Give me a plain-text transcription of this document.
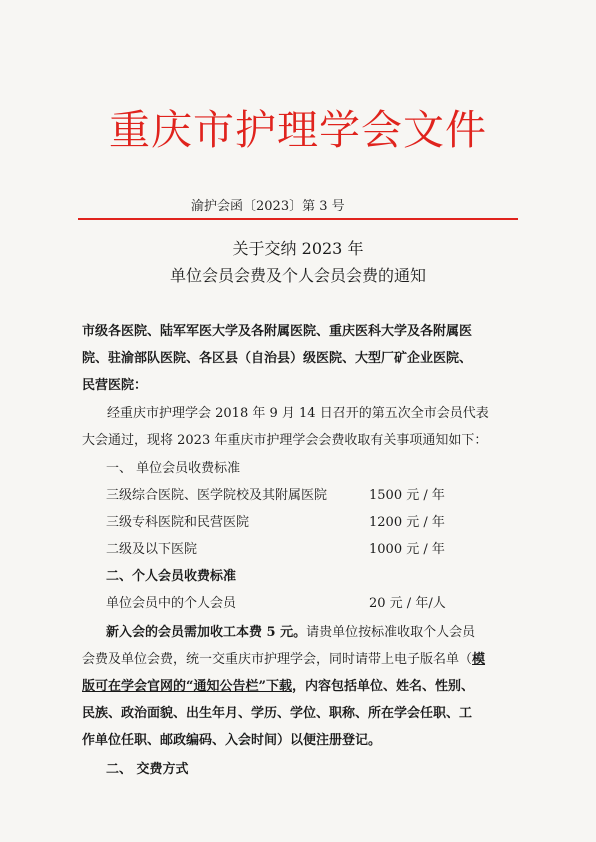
重庆市护理学会文件
渝护会函〔2023〕第 3 号
关于交纳 2023 年
单位会员会费及个人会员会费的通知
市级各医院、陆军军医大学及各附属医院、重庆医科大学及各附属医
院、驻渝部队医院、各区县（自治县）级医院、大型厂矿企业医院、
民营医院：
经重庆市护理学会 2018 年 9 月 14 日召开的第五次全市会员代表
大会通过，现将 2023 年重庆市护理学会会费收取有关事项通知如下：
一、 单位会员收费标准
三级综合医院、医学院校及其附属医院	1500 元 / 年
三级专科医院和民营医院	1200 元 / 年
二级及以下医院	1000 元 / 年
二、个人会员收费标准
单位会员中的个人会员	20 元 / 年/人
新入会的会员需加收工本费 5 元。请贵单位按标准收取个人会员
会费及单位会费，统一交重庆市护理学会，同时请带上电子版名单（模
版可在学会官网的“通知公告栏”下载，内容包括单位、姓名、性别、
民族、政治面貌、出生年月、学历、学位、职称、所在学会任职、工
作单位任职、邮政编码、入会时间）以便注册登记。
二、 交费方式
